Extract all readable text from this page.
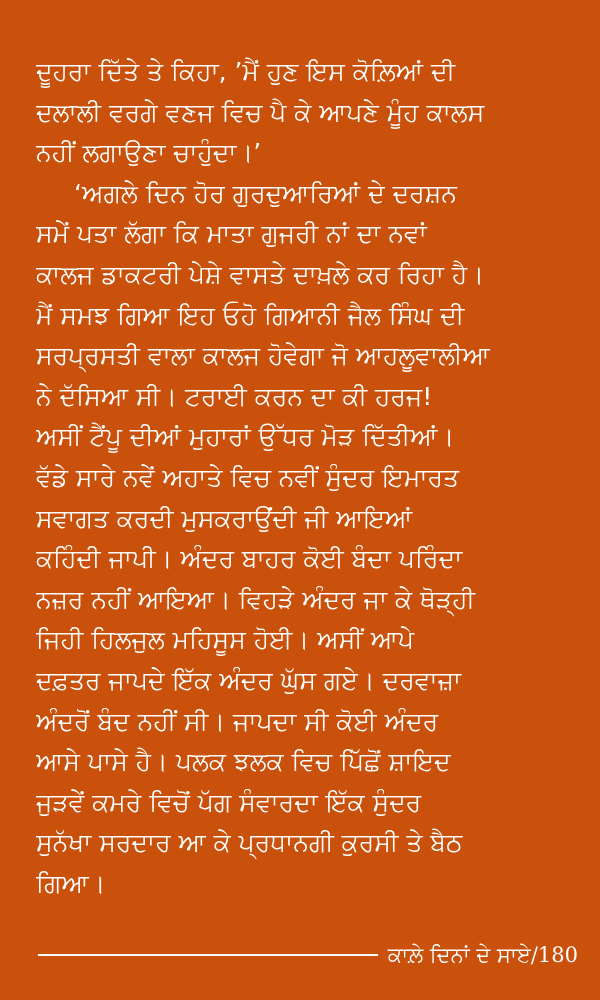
ਦੂਹਰਾ ਦਿੱਤੇ ਤੇ ਕਿਹਾ, ’ਮੈਂ ਹੁਣ ਇਸ ਕੋਲ਼ਿਆਂ ਦੀ
ਦਲਾਲੀ ਵਰਗੇ ਵਣਜ ਵਿਚ ਪੈ ਕੇ ਆਪਣੇ ਮੂੰਹ ਕਾਲਸ
ਨਹੀਂ ਲਗਾਉਣਾ ਚਾਹੁੰਦਾ।’
‘ਅਗਲੇ ਦਿਨ ਹੋਰ ਗੁਰਦੁਆਰਿਆਂ ਦੇ ਦਰਸ਼ਨ
ਸਮੇਂ ਪਤਾ ਲੱਗਾ ਕਿ ਮਾਤਾ ਗੁਜਰੀ ਨਾਂ ਦਾ ਨਵਾਂ
ਕਾਲਜ ਡਾਕਟਰੀ ਪੇਸ਼ੇ ਵਾਸਤੇ ਦਾਖ਼ਲੇ ਕਰ ਰਿਹਾ ਹੈ।
ਮੈਂ ਸਮਝ ਗਿਆ ਇਹ ਓਹੋ ਗਿਆਨੀ ਜੈਲ ਸਿੰਘ ਦੀ
ਸਰਪ੍ਰਸਤੀ ਵਾਲਾ ਕਾਲਜ ਹੋਵੇਗਾ ਜੋ ਆਹਲੂਵਾਲੀਆ
ਨੇ ਦੱਸਿਆ ਸੀ। ਟਰਾਈ ਕਰਨ ਦਾ ਕੀ ਹਰਜ!
ਅਸੀਂ ਟੈਂਪੂ ਦੀਆਂ ਮੁਹਾਰਾਂ ਉੱਧਰ ਮੋੜ ਦਿੱਤੀਆਂ।
ਵੱਡੇ ਸਾਰੇ ਨਵੇਂ ਅਹਾਤੇ ਵਿਚ ਨਵੀਂ ਸੁੰਦਰ ਇਮਾਰਤ
ਸਵਾਗਤ ਕਰਦੀ ਮੁਸਕਰਾਉਂਦੀ ਜੀ ਆਇਆਂ
ਕਹਿੰਦੀ ਜਾਪੀ। ਅੰਦਰ ਬਾਹਰ ਕੋਈ ਬੰਦਾ ਪਰਿੰਦਾ
ਨਜ਼ਰ ਨਹੀਂ ਆਇਆ। ਵਿਹੜੇ ਅੰਦਰ ਜਾ ਕੇ ਥੋੜ੍ਹੀ
ਜਿਹੀ ਹਿਲਜੁਲ ਮਹਿਸੂਸ ਹੋਈ। ਅਸੀਂ ਆਪੇ
ਦਫ਼ਤਰ ਜਾਪਦੇ ਇੱਕ ਅੰਦਰ ਘੁੱਸ ਗਏ। ਦਰਵਾਜ਼ਾ
ਅੰਦਰੋਂ ਬੰਦ ਨਹੀਂ ਸੀ। ਜਾਪਦਾ ਸੀ ਕੋਈ ਅੰਦਰ
ਆਸੇ ਪਾਸੇ ਹੈ। ਪਲਕ ਝਲਕ ਵਿਚ ਪਿੱਛੋਂ ਸ਼ਾਇਦ
ਜੁੜਵੇਂ ਕਮਰੇ ਵਿਚੋਂ ਪੱਗ ਸੰਵਾਰਦਾ ਇੱਕ ਸੁੰਦਰ
ਸੁਨੱਖਾ ਸਰਦਾਰ ਆ ਕੇ ਪ੍ਰਧਾਨਗੀ ਕੁਰਸੀ ਤੇ ਬੈਠ
ਗਿਆ।
ਕਾਲ਼ੇ ਦਿਨਾਂ ਦੇ ਸਾਏ/180
